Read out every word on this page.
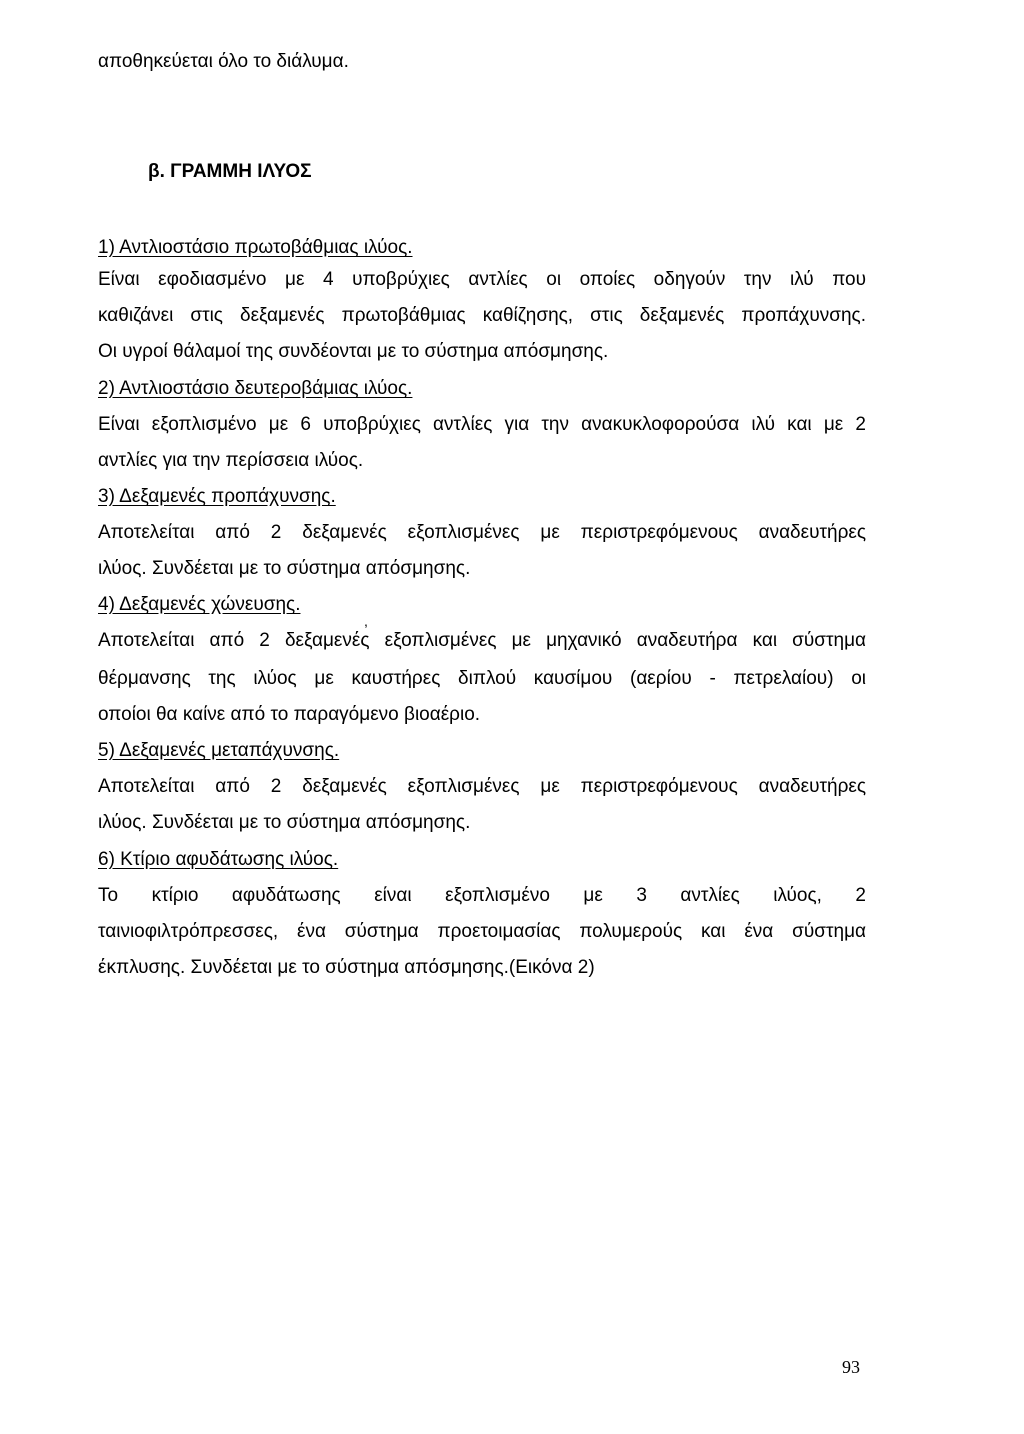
αποθηκεύεται όλο το διάλυμα.
β. ΓΡΑΜΜΗ ΙΛΥΟΣ
1) Αντλιοστάσιο πρωτοβάθμιας ιλύος.
Είναι εφοδιασμένο με 4 υποβρύχιες αντλίες οι οποίες οδηγούν την ιλύ που
καθιζάνει στις δεξαμενές πρωτοβάθμιας καθίζησης, στις δεξαμενές προπάχυνσης.
Οι υγροί θάλαμοί της συνδέονται με το σύστημα απόσμησης.
2) Αντλιοστάσιο δευτεροβάμιας ιλύος.
Είναι εξοπλισμένο με 6 υποβρύχιες αντλίες για την ανακυκλοφορούσα ιλύ και με 2
αντλίες για την περίσσεια ιλύος.
3) Δεξαμενές προπάχυνσης.
Αποτελείται από 2 δεξαμενές εξοπλισμένες με περιστρεφόμενους αναδευτήρες
ιλύος. Συνδέεται με το σύστημα απόσμησης.
4) Δεξαμενές χώνευσης.
Αποτελείται από 2 δεξαμενές εξοπλισμένες με μηχανικό αναδευτήρα και σύστημα
θέρμανσης της ιλύος με καυστήρες διπλού καυσίμου (αερίου - πετρελαίου) οι
οποίοι θα καίνε από το παραγόμενο βιοαέριο.
5) Δεξαμενές μεταπάχυνσης.
Αποτελείται από 2 δεξαμενές εξοπλισμένες με περιστρεφόμενους αναδευτήρες
ιλύος. Συνδέεται με το σύστημα απόσμησης.
6) Κτίριο αφυδάτωσης ιλύος.
Το κτίριο αφυδάτωσης είναι εξοπλισμένο με 3 αντλίες ιλύος, 2
ταινιοφιλτρόπρεσσες, ένα σύστημα προετοιμασίας πολυμερούς και ένα σύστημα
έκπλυσης. Συνδέεται με το σύστημα απόσμησης.(Εικόνα 2)
,
93
